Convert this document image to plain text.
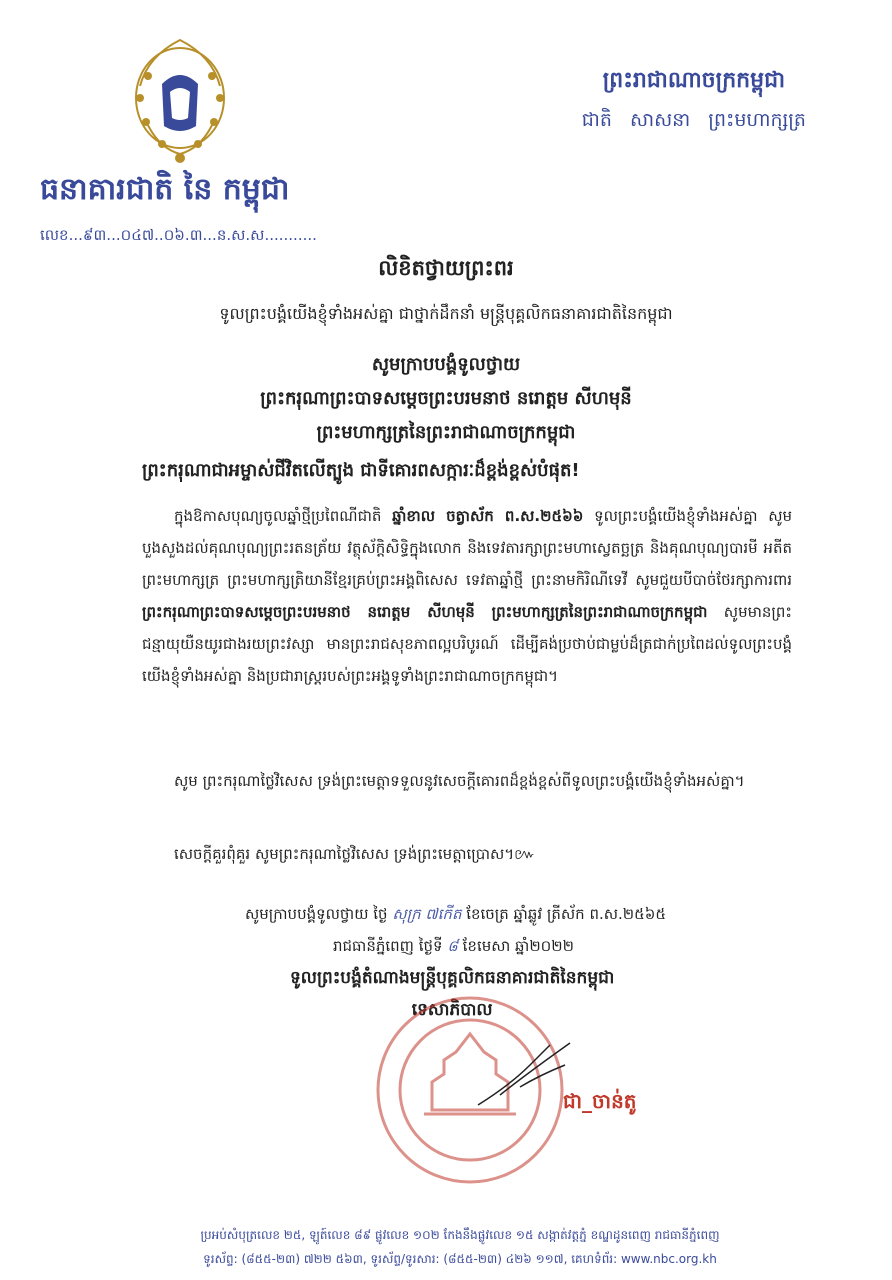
ធនាគារជាតិ នៃ កម្ពុជា
លេខ...៩៣...០៤៧..០៦.៣...ន.ស.ស...........
ព្រះរាជាណាចក្រកម្ពុជា
ជាតិ សាសនា ព្រះមហាក្សត្រ
លិខិតថ្វាយព្រះពរ
ទូលព្រះបង្គំយើងខ្ញុំទាំងអស់គ្នា ជាថ្នាក់ដឹកនាំ មន្ត្រីបុគ្គលិកធនាគារជាតិនៃកម្ពុជា
សូមក្រាបបង្គំទូលថ្វាយ
ព្រះករុណាព្រះបាទសម្តេចព្រះបរមនាថ នរោត្តម សីហមុនី
ព្រះមហាក្សត្រនៃព្រះរាជាណាចក្រកម្ពុជា
ព្រះករុណាជាអម្ចាស់ជីវិតលើត្បូង ជាទីគោរពសក្ការៈដ៏ខ្ពង់ខ្ពស់បំផុត!
ក្នុងឱកាសបុណ្យចូលឆ្នាំថ្មីប្រពៃណីជាតិ ឆ្នាំខាល ចត្វាស័ក ព.ស.២៥៦៦ ទូលព្រះបង្គំយើងខ្ញុំទាំងអស់គ្នា សូមបួងសួងដល់គុណបុណ្យព្រះរតនត្រ័យ វត្ថុស័ក្តិសិទ្ធិក្នុងលោក និងទេវតារក្សាព្រះមហាស្វេតច្ឆត្រ និងគុណបុណ្យបារមី អតីតព្រះមហាក្សត្រ ព្រះមហាក្សត្រិយានីខ្មែរគ្រប់ព្រះអង្គពិសេស ទេវតាឆ្នាំថ្មី ព្រះនាមកិរិណីទេវី សូមជួយបីបាច់ថែរក្សាការពារ ព្រះករុណាព្រះបាទសម្តេចព្រះបរមនាថ នរោត្តម សីហមុនី ព្រះមហាក្សត្រនៃព្រះរាជាណាចក្រកម្ពុជា សូមមានព្រះជន្មាយុយឺនយូរជាងរយព្រះវស្សា មានព្រះរាជសុខភាពល្អបរិបូរណ៍ ដើម្បីគង់ប្រថាប់ជាម្លប់ដ៏ត្រជាក់ប្រពៃដល់ទូលព្រះបង្គំយើងខ្ញុំទាំងអស់គ្នា និងប្រជារាស្ត្ររបស់ព្រះអង្គទូទាំងព្រះរាជាណាចក្រកម្ពុជា។
សូម ព្រះករុណាថ្លៃវិសេស ទ្រង់ព្រះមេត្តាទទួលនូវសេចក្តីគោរពដ៏ខ្ពង់ខ្ពស់ពីទូលព្រះបង្គំយើងខ្ញុំទាំងអស់គ្នា។
សេចក្តីគួរពុំគួរ សូមព្រះករុណាថ្លៃវិសេស ទ្រង់ព្រះមេត្តាប្រោស។៚
សូមក្រាបបង្គំទូលថ្វាយ ថ្ងៃ សុក្រ ៧កើត ខែចេត្រ ឆ្នាំឆ្លូវ ត្រីស័ក ព.ស.២៥៦៥
រាជធានីភ្នំពេញ ថ្ងៃទី ៨ ខែមេសា ឆ្នាំ២០២២
ទូលព្រះបង្គំតំណាងមន្ត្រីបុគ្គលិកធនាគារជាតិនៃកម្ពុជា
ទេសាភិបាល
ជា_ចាន់តូ
ប្រអប់សំបុត្រលេខ ២៥, ឡូត៍លេខ ៨៩ ផ្លូវលេខ ១០២ កែងនឹងផ្លូវលេខ ១៥ សង្កាត់វត្តភ្នំ ខណ្ឌដូនពេញ រាជធានីភ្នំពេញ
ទូរស័ព្ទ: (៨៥៥-២៣) ៧២២ ៥៦៣, ទូរស័ព្ទ/ទូរសារ: (៨៥៥-២៣) ៤២៦ ១១៧, គេហទំព័រ: www.nbc.org.kh
